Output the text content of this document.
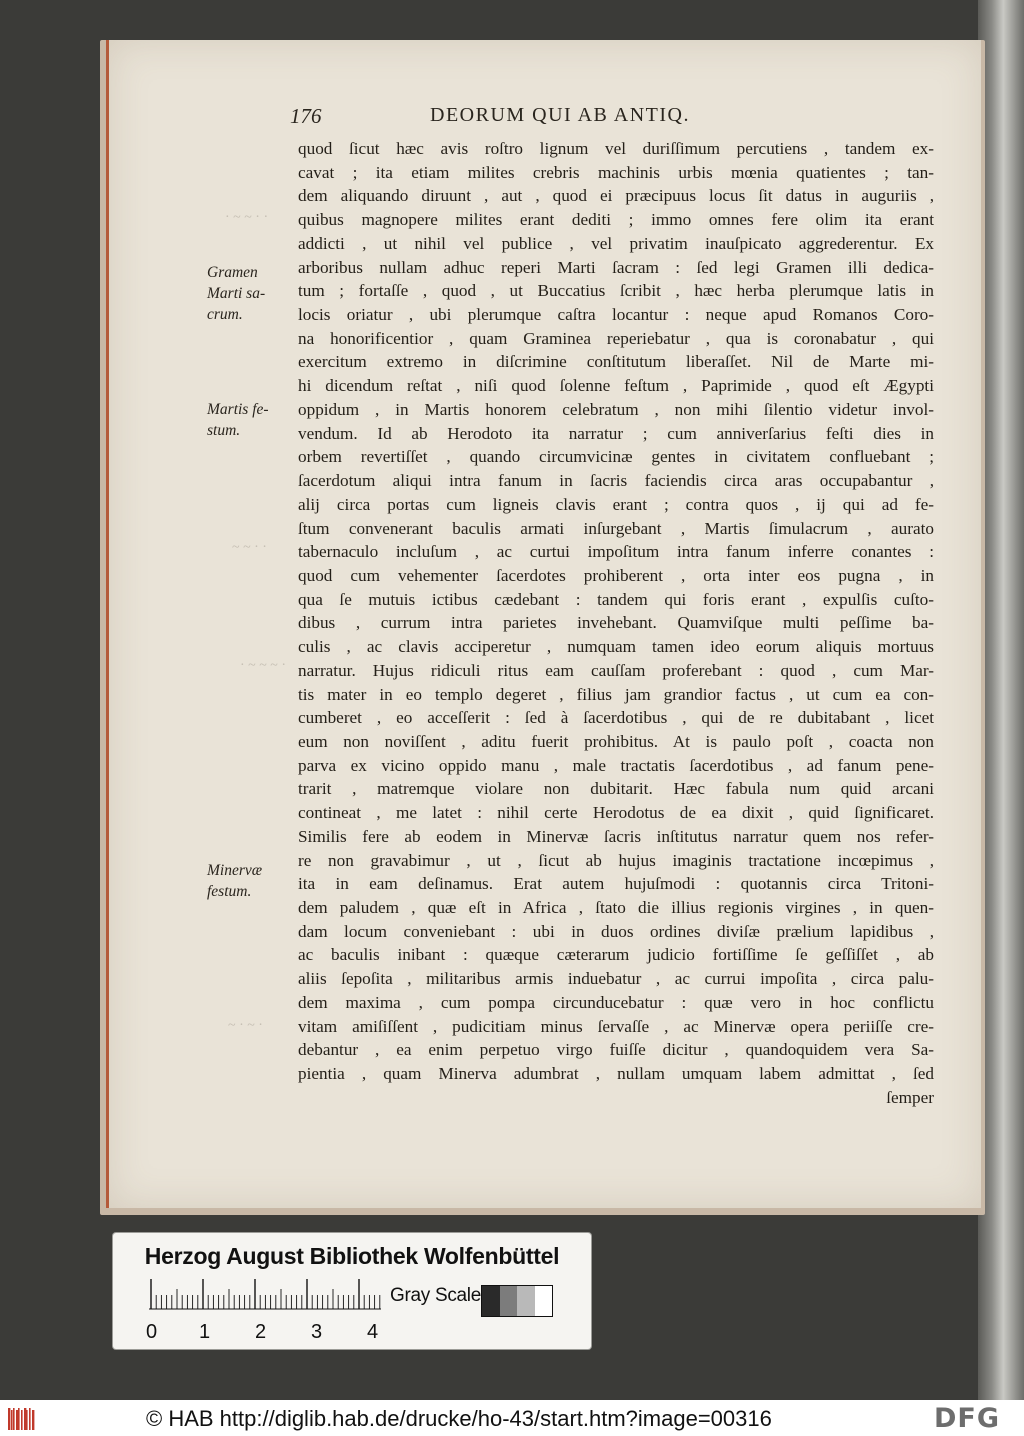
176	DEORUM QUI AB ANTIQ.
Gramen
Marti sa-
crum.
Martis fe-
stum.
Minervæ
festum.
· ~ ~ · ·
~ ~ · ·
· ~ ~ ~ ·
~ · ~ ·
quod ſicut hæc avis roſtro lignum vel duriſſimum percutiens , tandem ex-
cavat ; ita etiam milites crebris machinis urbis mœnia quatientes ; tan-
dem aliquando diruunt , aut , quod ei præcipuus locus ſit datus in auguriis ,
quibus magnopere milites erant dediti ; immo omnes fere olim ita erant
addicti , ut nihil vel publice , vel privatim inauſpicato aggrederentur. Ex
arboribus nullam adhuc reperi Marti ſacram : ſed legi Gramen illi dedica-
tum ; fortaſſe , quod , ut Buccatius ſcribit , hæc herba plerumque latis in
locis oriatur , ubi plerumque caſtra locantur : neque apud Romanos Coro-
na honorificentior , quam Graminea reperiebatur , qua is coronabatur , qui
exercitum extremo in diſcrimine conſtitutum liberaſſet. Nil de Marte mi-
hi dicendum reſtat , niſi quod ſolenne feſtum , Paprimide , quod eſt Ægypti
oppidum , in Martis honorem celebratum , non mihi ſilentio videtur invol-
vendum. Id ab Herodoto ita narratur ; cum anniverſarius feſti dies in
orbem revertiſſet , quando circumvicinæ gentes in civitatem confluebant ;
ſacerdotum aliqui intra fanum in ſacris faciendis circa aras occupabantur ,
alij circa portas cum ligneis clavis erant ; contra quos , ij qui ad fe-
ſtum convenerant baculis armati inſurgebant , Martis ſimulacrum , aurato
tabernaculo incluſum , ac curtui impoſitum intra fanum inferre conantes :
quod cum vehementer ſacerdotes prohiberent , orta inter eos pugna , in
qua ſe mutuis ictibus cædebant : tandem qui foris erant , expulſis cuſto-
dibus , currum intra parietes invehebant. Quamviſque multi peſſime ba-
culis , ac clavis acciperetur , numquam tamen ideo eorum aliquis mortuus
narratur. Hujus ridiculi ritus eam cauſſam proferebant : quod , cum Mar-
tis mater in eo templo degeret , filius jam grandior factus , ut cum ea con-
cumberet , eo acceſſerit : ſed à ſacerdotibus , qui de re dubitabant , licet
eum non noviſſent , aditu fuerit prohibitus. At is paulo poſt , coacta non
parva ex vicino oppido manu , male tractatis ſacerdotibus , ad fanum pene-
trarit , matremque violare non dubitarit. Hæc fabula num quid arcani
contineat , me latet : nihil certe Herodotus de ea dixit , quid ſignificaret.
Similis fere ab eodem in Minervæ ſacris inſtitutus narratur quem nos refer-
re non gravabimur , ut , ſicut ab hujus imaginis tractatione incœpimus ,
ita in eam deſinamus. Erat autem hujuſmodi : quotannis circa Tritoni-
dem paludem , quæ eſt in Africa , ſtato die illius regionis virgines , in quen-
dam locum conveniebant : ubi in duos ordines diviſæ prælium lapidibus ,
ac baculis inibant : quæque cæterarum judicio fortiſſime ſe geſſiſſet , ab
aliis ſepoſita , militaribus armis induebatur , ac currui impoſita , circa palu-
dem maxima , cum pompa circunducebatur : quæ vero in hoc conflictu
vitam amiſiſſent , pudicitiam minus ſervaſſe , ac Minervæ opera periiſſe cre-
debantur , ea enim perpetuo virgo fuiſſe dicitur , quandoquidem vera Sa-
pientia , quam Minerva adumbrat , nullam umquam labem admittat , ſed
ſemper
Herzog August Bibliothek Wolfenbüttel
0 1 2 3 4
Gray Scale
© HAB http://diglib.hab.de/drucke/ho-43/start.htm?image=00316	DFG
